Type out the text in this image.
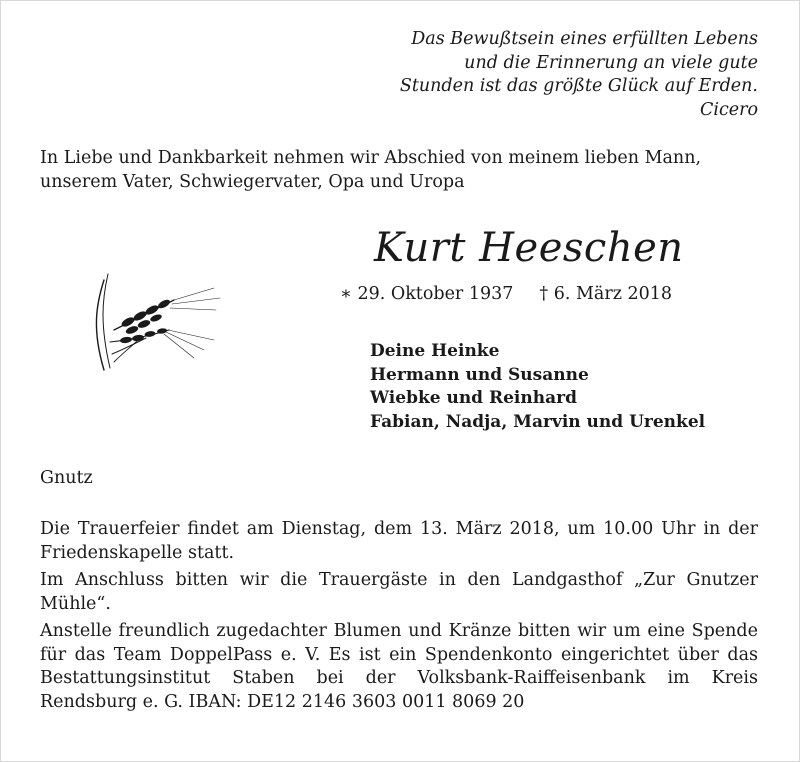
Das Bewußtsein eines erfüllten Lebens
und die Erinnerung an viele gute
Stunden ist das größte Glück auf Erden.
Cicero
In Liebe und Dankbarkeit nehmen wir Abschied von meinem lieben Mann,
unserem Vater, Schwiegervater, Opa und Uropa
Kurt Heeschen
∗ 29. Oktober 1937 † 6. März 2018
Deine Heinke
Hermann und Susanne
Wiebke und Reinhard
Fabian, Nadja, Marvin und Urenkel
Gnutz

Die Trauerfeier findet am Dienstag, dem 13. März 2018, um 10.00 Uhr in der Friedenskapelle statt.

Im Anschluss bitten wir die Trauergäste in den Landgasthof „Zur Gnutzer Mühle“.

Anstelle freundlich zugedachter Blumen und Kränze bitten wir um eine Spende für das Team DoppelPass e. V. Es ist ein Spendenkonto eingerichtet über das Bestattungsinstitut Staben bei der Volksbank-Raiffeisenbank im Kreis Rendsburg e. G. IBAN: DE12 2146 3603 0011 8069 20
